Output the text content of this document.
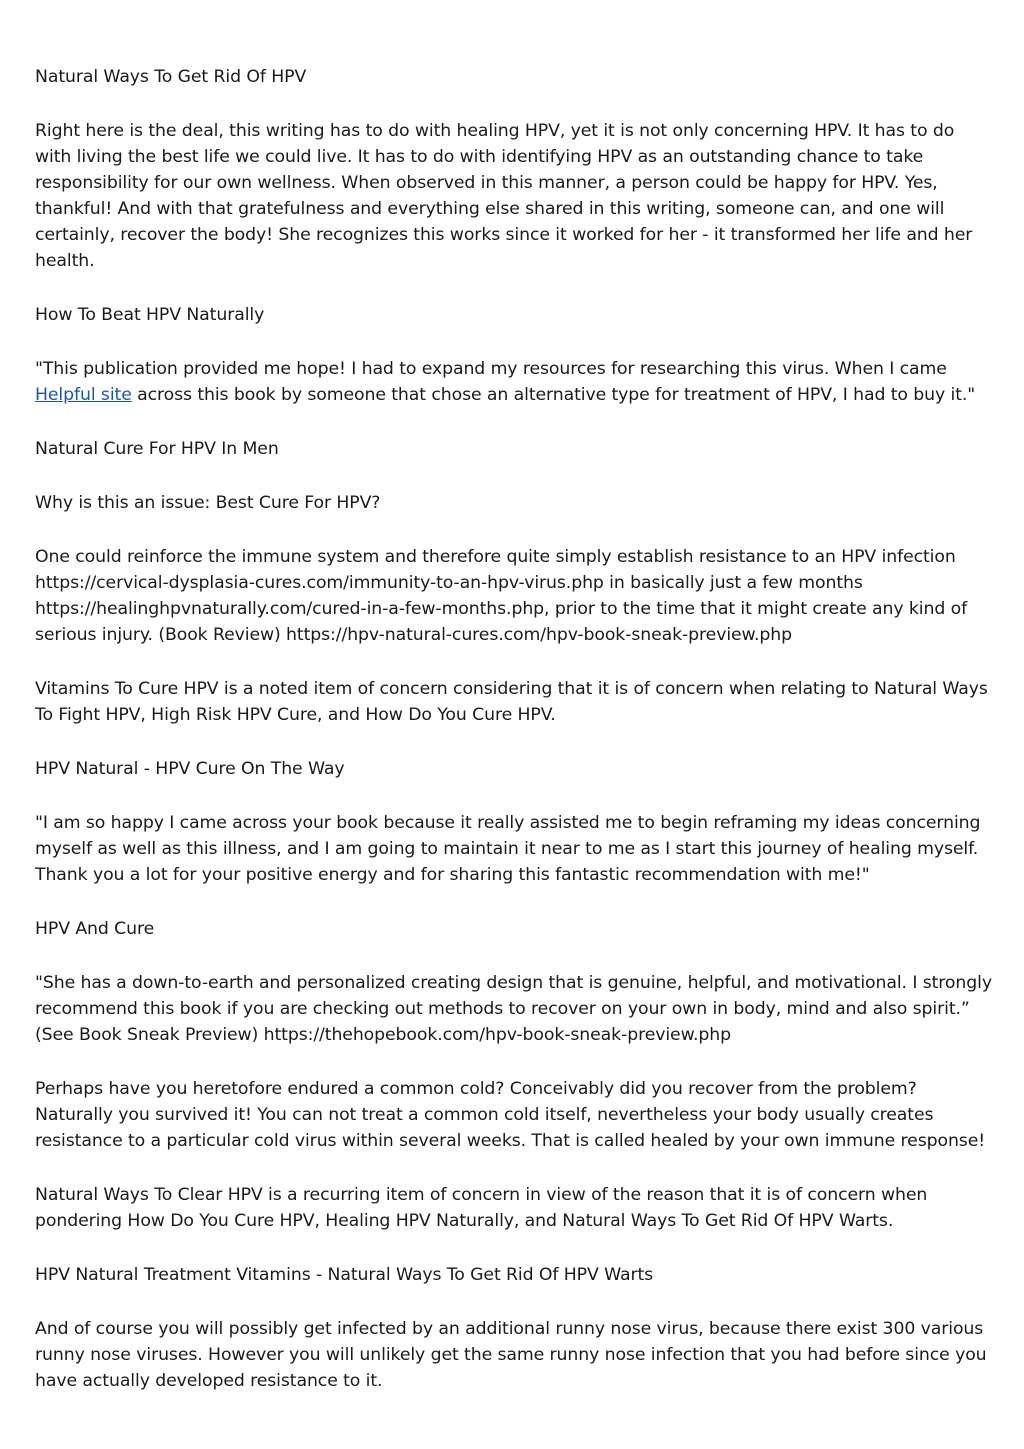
Natural Ways To Get Rid Of HPV

Right here is the deal, this writing has to do with healing HPV, yet it is not only concerning HPV. It has to do with living the best life we could live. It has to do with identifying HPV as an outstanding chance to take responsibility for our own wellness. When observed in this manner, a person could be happy for HPV. Yes, thankful! And with that gratefulness and everything else shared in this writing, someone can, and one will certainly, recover the body! She recognizes this works since it worked for her - it transformed her life and her health.

How To Beat HPV Naturally

"This publication provided me hope! I had to expand my resources for researching this virus. When I came Helpful site across this book by someone that chose an alternative type for treatment of HPV, I had to buy it."

Natural Cure For HPV In Men

Why is this an issue: Best Cure For HPV?

One could reinforce the immune system and therefore quite simply establish resistance to an HPV infection https://cervical-dysplasia-cures.com/immunity-to-an-hpv-virus.php in basically just a few months https://healinghpvnaturally.com/cured-in-a-few-months.php, prior to the time that it might create any kind of serious injury. (Book Review) https://hpv-natural-cures.com/hpv-book-sneak-preview.php

Vitamins To Cure HPV is a noted item of concern considering that it is of concern when relating to Natural Ways To Fight HPV, High Risk HPV Cure, and How Do You Cure HPV.

HPV Natural - HPV Cure On The Way

"I am so happy I came across your book because it really assisted me to begin reframing my ideas concerning myself as well as this illness, and I am going to maintain it near to me as I start this journey of healing myself. Thank you a lot for your positive energy and for sharing this fantastic recommendation with me!"

HPV And Cure

"She has a down-to-earth and personalized creating design that is genuine, helpful, and motivational. I strongly recommend this book if you are checking out methods to recover on your own in body, mind and also spirit.” (See Book Sneak Preview) https://thehopebook.com/hpv-book-sneak-preview.php

Perhaps have you heretofore endured a common cold? Conceivably did you recover from the problem? Naturally you survived it! You can not treat a common cold itself, nevertheless your body usually creates resistance to a particular cold virus within several weeks. That is called healed by your own immune response!

Natural Ways To Clear HPV is a recurring item of concern in view of the reason that it is of concern when pondering How Do You Cure HPV, Healing HPV Naturally, and Natural Ways To Get Rid Of HPV Warts.

HPV Natural Treatment Vitamins - Natural Ways To Get Rid Of HPV Warts

And of course you will possibly get infected by an additional runny nose virus, because there exist 300 various runny nose viruses. However you will unlikely get the same runny nose infection that you had before since you have actually developed resistance to it.
